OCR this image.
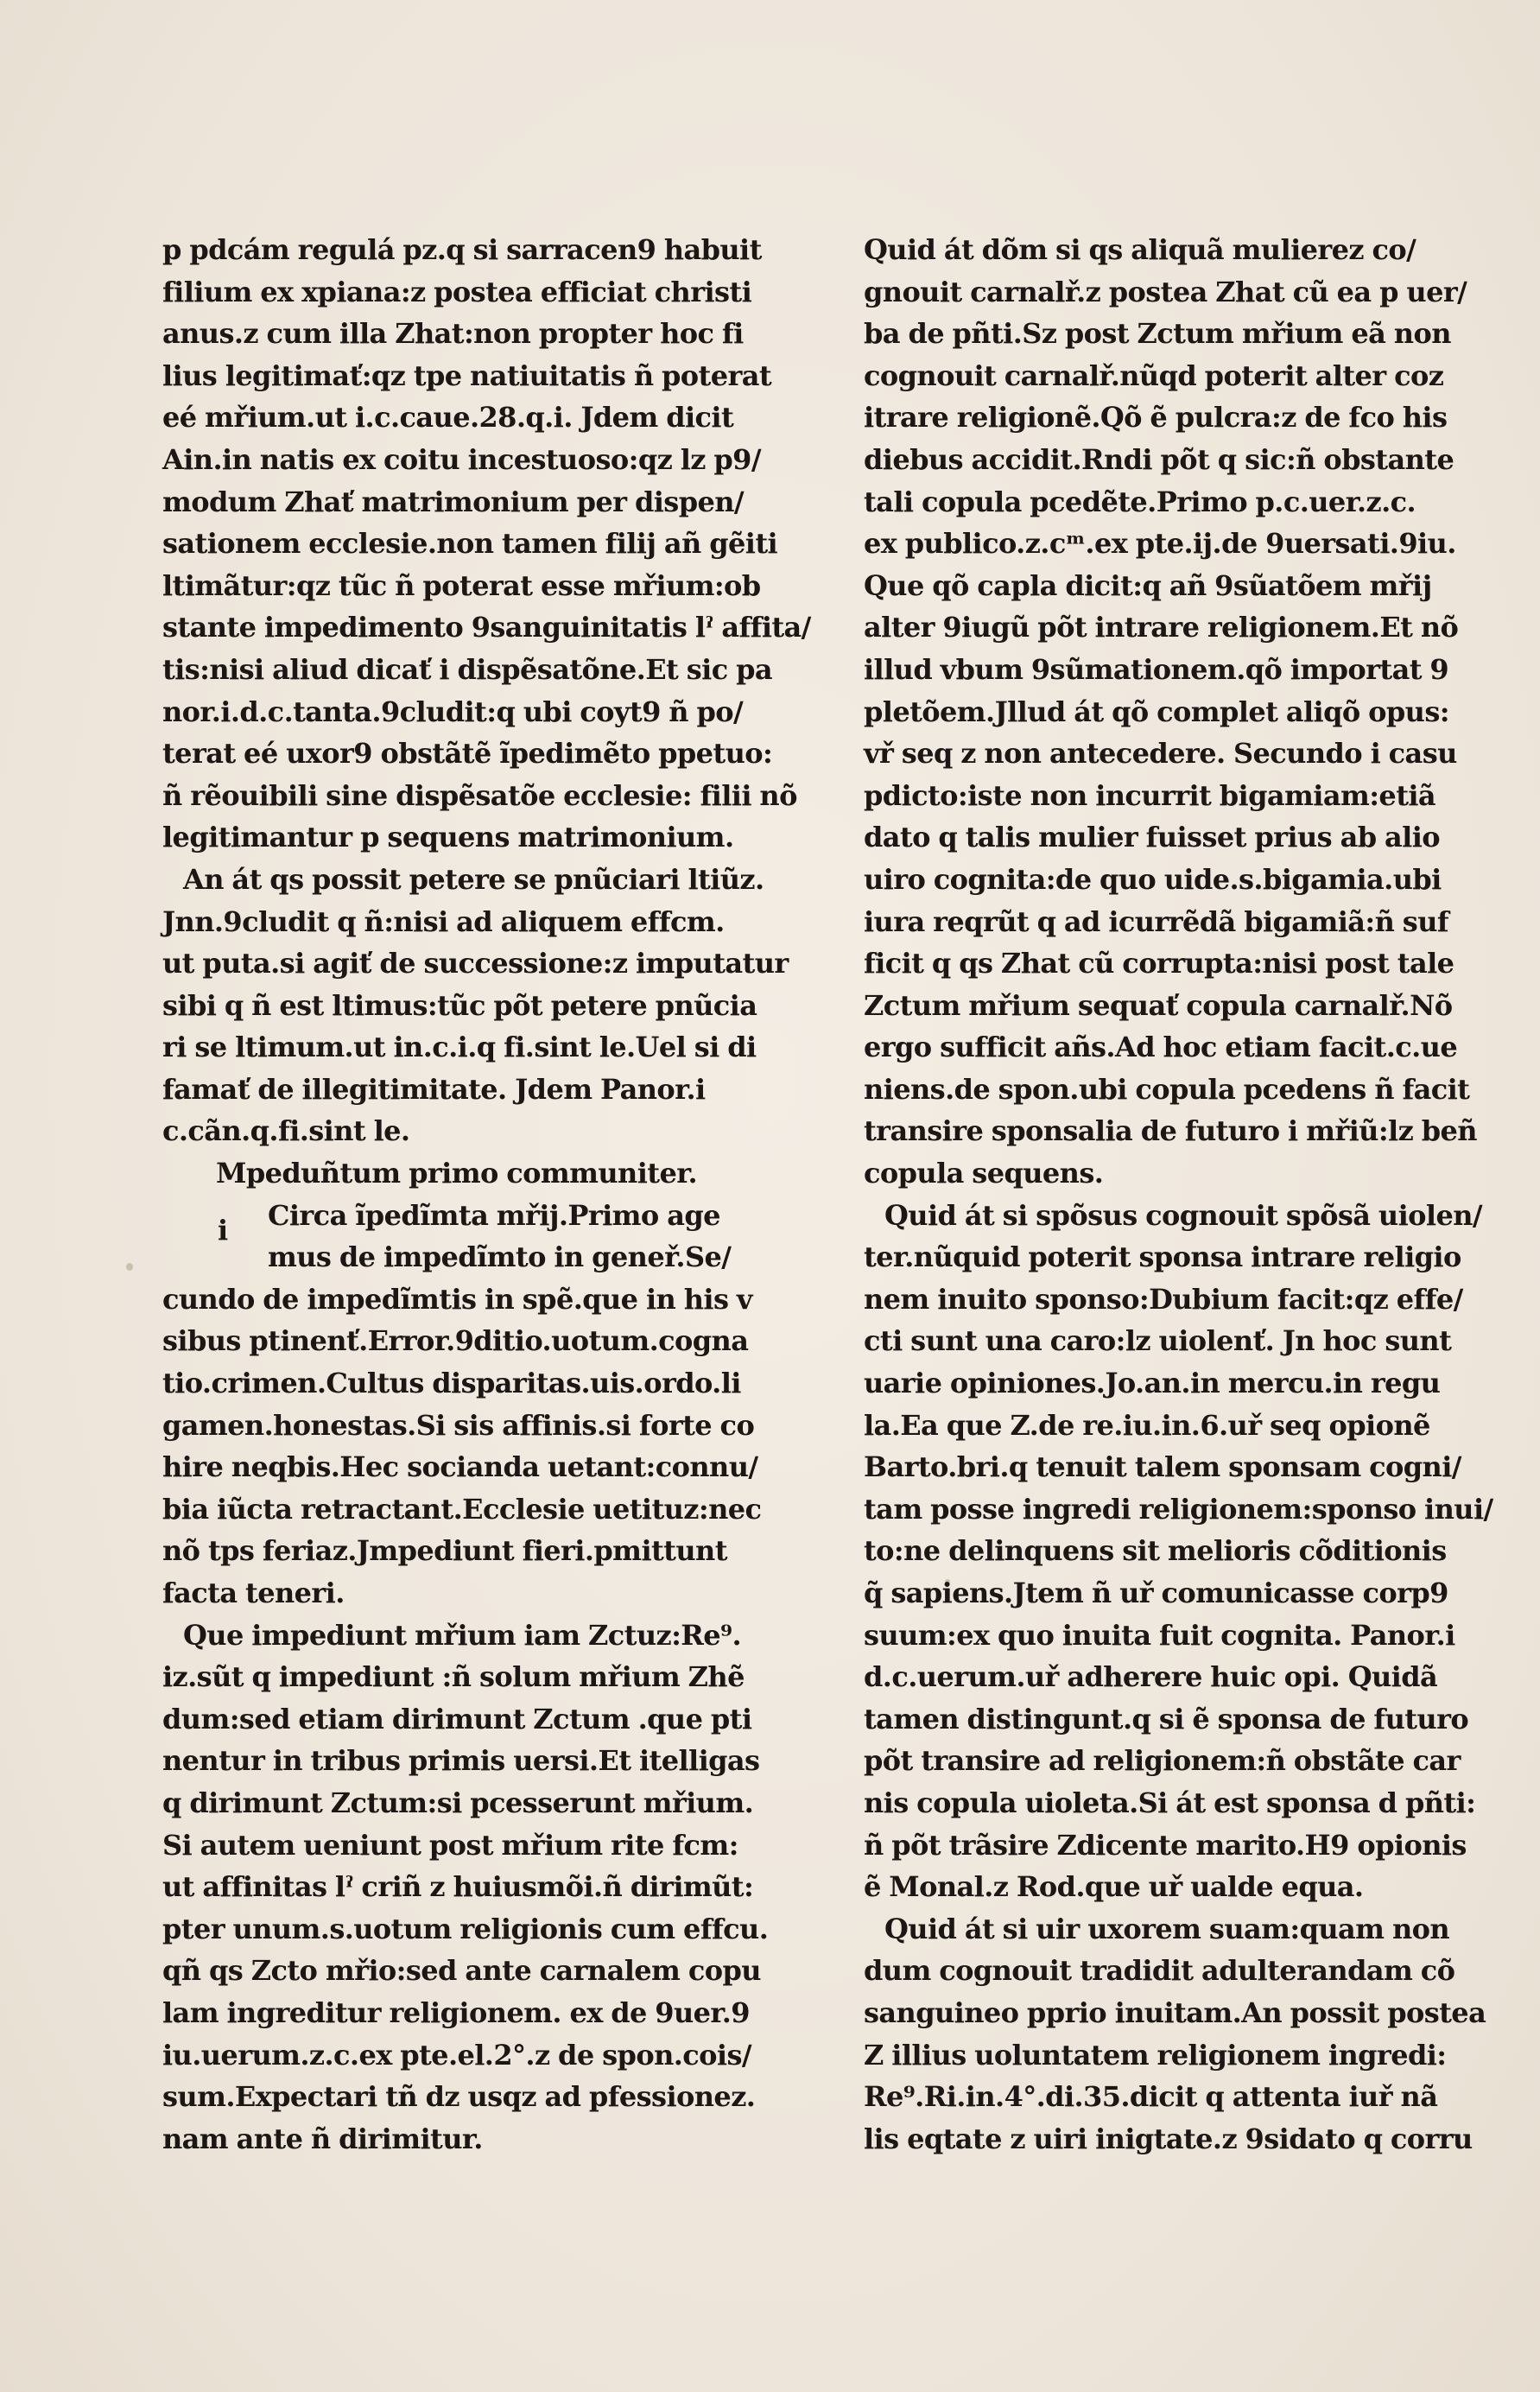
p pdcám regulá pz.q si sarracen9 habuit
filium ex xpiana:z postea efficiat christi
anus.z cum illa Zhat:non propter hoc fi
lius legitimať:qz tpe natiuitatis ñ poterat
eé mřium.ut i.c.caue.28.q.i. Jdem dicit
Ain.in natis ex coitu incestuoso:qz lz p9/
modum Zhať matrimonium per dispen/
sationem ecclesie.non tamen filij añ gẽiti
ltimãtur:qz tũc ñ poterat esse mřium:ob
stante impedimento 9sanguinitatis lˀ affita/
tis:nisi aliud dicať i dispẽsatõne.Et sic pa
nor.i.d.c.tanta.9cludit:q ubi coyt9 ñ po/
terat eé uxor9 obstãtẽ ĩpedimẽto ppetuo:
ñ rẽouibili sine dispẽsatõe ecclesie: filii nõ
legitimantur p sequens matrimonium.
An át qs possit petere se pnũciari ltiũz.
Jnn.9cludit q ñ:nisi ad aliquem effcm.
ut puta.si agiť de successione:z imputatur
sibi q ñ est ltimus:tũc põt petere pnũcia
ri se ltimum.ut in.c.i.q fi.sint le.Uel si di
famať de illegitimitate. Jdem Panor.i
c.cãn.q.fi.sint le.
Mpeduñtum primo communiter.
Circa ĩpedĩmta mřij.Primo age
mus de impedĩmto in geneř.Se/
cundo de impedĩmtis in spẽ.que in his v
sibus ptinenť.Error.9ditio.uotum.cogna
tio.crimen.Cultus disparitas.uis.ordo.li
gamen.honestas.Si sis affinis.si forte co
hire neqbis.Hec socianda uetant:connu/
bia iũcta retractant.Ecclesie uetituz:nec
nõ tps feriaz.Jmpediunt fieri.pmittunt
facta teneri.
Que impediunt mřium iam Zctuz:Re⁹.
iz.sũt q impediunt :ñ solum mřium Zhẽ
dum:sed etiam dirimunt Zctum .que pti
nentur in tribus primis uersi.Et itelligas
q dirimunt Zctum:si pcesserunt mřium.
Si autem ueniunt post mřium rite fcm:
ut affinitas lˀ criñ z huiusmõi.ñ dirimũt:
pter unum.s.uotum religionis cum effcu.
qñ qs Zcto mřio:sed ante carnalem copu
lam ingreditur religionem. ex de 9uer.9
iu.uerum.z.c.ex pte.el.2°.z de spon.cois/
sum.Expectari tñ dz usqz ad pfessionez.
nam ante ñ dirimitur.
Quid át dõm si qs aliquã mulierez co/
gnouit carnalř.z postea Zhat cũ ea p uer/
ba de pñti.Sz post Zctum mřium eã non
cognouit carnalř.nũqd poterit alter coz
itrare religionẽ.Qõ ẽ pulcra:z de fco his
diebus accidit.Rndi põt q sic:ñ obstante
tali copula pcedẽte.Primo p.c.uer.z.c.
ex publico.z.cᵐ.ex pte.ij.de 9uersati.9iu.
Que qõ capla dicit:q añ 9sũatõem mřij
alter 9iugũ põt intrare religionem.Et nõ
illud vbum 9sũmationem.qõ importat 9
pletõem.Jllud át qõ complet aliqõ opus:
vř seq z non antecedere. Secundo i casu
pdicto:iste non incurrit bigamiam:etiã
dato q talis mulier fuisset prius ab alio
uiro cognita:de quo uide.s.bigamia.ubi
iura reqrũt q ad icurrẽdã bigamiã:ñ suf
ficit q qs Zhat cũ corrupta:nisi post tale
Zctum mřium sequať copula carnalř.Nõ
ergo sufficit añs.Ad hoc etiam facit.c.ue
niens.de spon.ubi copula pcedens ñ facit
transire sponsalia de futuro i mřiũ:lz beñ
copula sequens.
Quid át si spõsus cognouit spõsã uiolen/
ter.nũquid poterit sponsa intrare religio
nem inuito sponso:Dubium facit:qz effe/
cti sunt una caro:lz uiolenť. Jn hoc sunt
uarie opiniones.Jo.an.in mercu.in regu
la.Ea que Z.de re.iu.in.6.uř seq opionẽ
Barto.bri.q tenuit talem sponsam cogni/
tam posse ingredi religionem:sponso inui/
to:ne delinquens sit melioris cõditionis
q̃ sapiens.Jtem ñ uř comunicasse corp9
suum:ex quo inuita fuit cognita. Panor.i
d.c.uerum.uř adherere huic opi. Quidã
tamen distingunt.q si ẽ sponsa de futuro
põt transire ad religionem:ñ obstãte car
nis copula uioleta.Si át est sponsa d pñti:
ñ põt trãsire Zdicente marito.H9 opionis
ẽ Monal.z Rod.que uř ualde equa.
Quid át si uir uxorem suam:quam non
dum cognouit tradidit adulterandam cõ
sanguineo pprio inuitam.An possit postea
Z illius uoluntatem religionem ingredi:
Re⁹.Ri.in.4°.di.35.dicit q attenta iuř nã
lis eqtate z uiri inigtate.z 9sidato q corru
i
